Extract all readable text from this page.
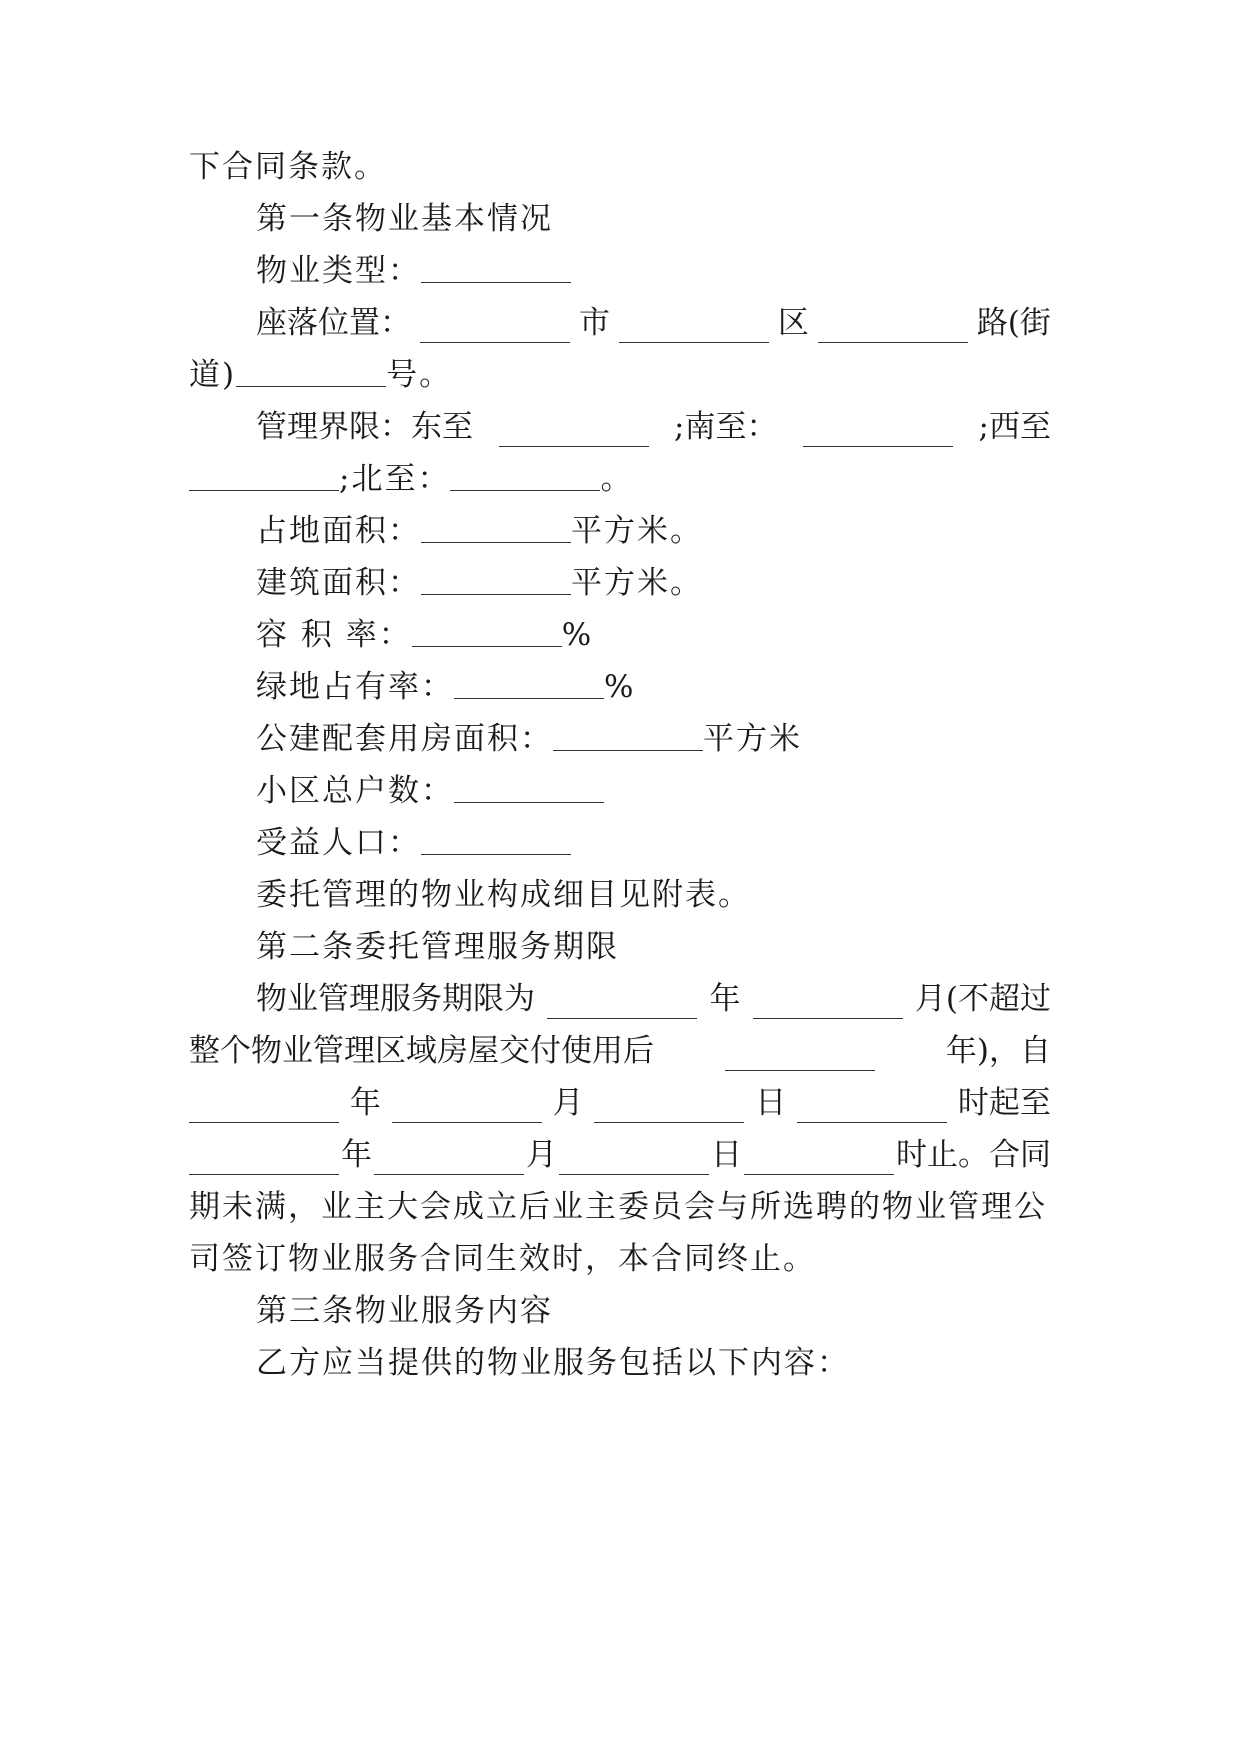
下合同条款。
第一条物业基本情况
物业类型：
座落位置：	市	区	路(街
道)	号。
管理界限：东至	;南至：	;西至
;北至：	。
占地面积：	平方米。
建筑面积：	平方米。
容 积 率：	%
绿地占有率：	%
公建配套用房面积：	平方米
小区总户数：
受益人口：
委托管理的物业构成细目见附表。
第二条委托管理服务期限
物业管理服务期限为	年	月(不超过
整个物业管理区域房屋交付使用后	年)，自
年	月	日	时起至
年	月	日	时止。合同
期未满，业主大会成立后业主委员会与所选聘的物业管理公
司签订物业服务合同生效时，本合同终止。
第三条物业服务内容
乙方应当提供的物业服务包括以下内容：
